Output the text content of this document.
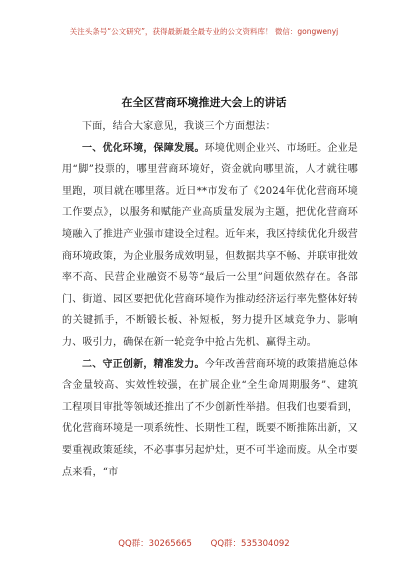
关注头条号“公文研究”，获得最新最全最专业的公文资料库！ 微信：gongwenyj
在全区营商环境推进大会上的讲话

下面，结合大家意见，我谈三个方面想法：

一、优化环境，保障发展。环境优则企业兴、市场旺。企业是用“脚”投票的，哪里营商环境好，资金就向哪里流，人才就往哪里跑，项目就在哪里落。近日**市发布了《2024年优化营商环境工作要点》，以服务和赋能产业高质量发展为主题，把优化营商环境融入了推进产业强市建设全过程。近年来，我区持续优化升级营商环境政策，为企业服务成效明显，但数据共享不畅、并联审批效率不高、民营企业融资不易等“最后一公里”问题依然存在。各部门、街道、园区要把优化营商环境作为推动经济运行率先整体好转的关键抓手，不断锻长板、补短板，努力提升区域竞争力、影响力、吸引力，确保在新一轮竞争中抢占先机、赢得主动。

二、守正创新，精准发力。今年改善营商环境的政策措施总体含金量较高、实效性较强，在扩展企业“全生命周期服务”、建筑工程项目审批等领域还推出了不少创新性举措。但我们也要看到，优化营商环境是一项系统性、长期性工程，既要不断推陈出新，又要重视政策延续，不必事事另起炉灶，更不可半途而废。从全市要点来看，“市

QQ群：30265665 QQ群：535304092
